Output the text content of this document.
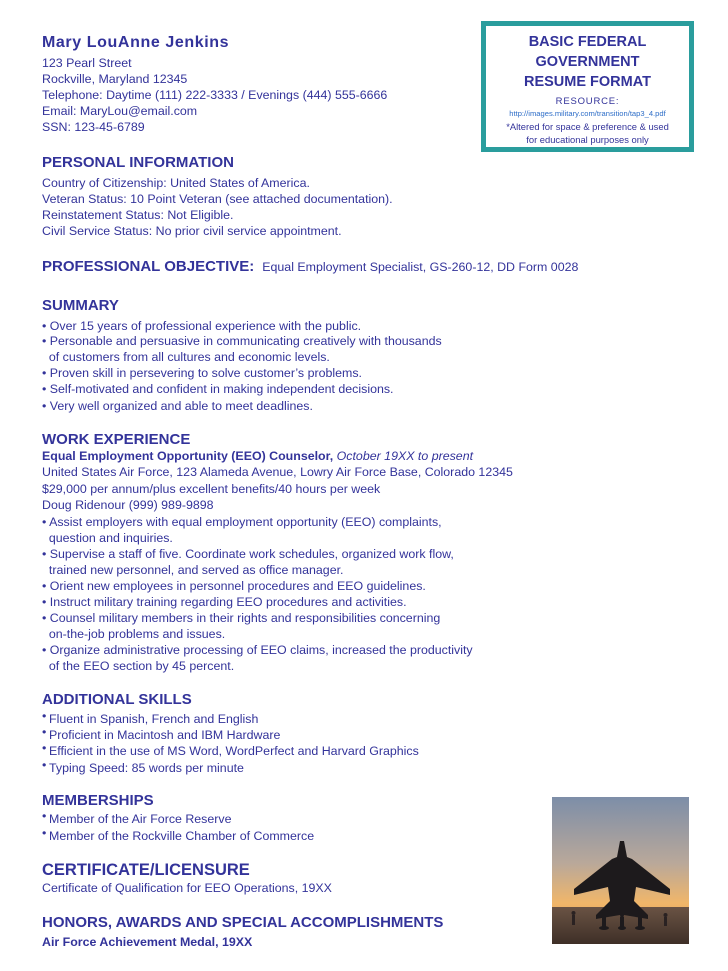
Mary LouAnne Jenkins
123 Pearl Street
Rockville, Maryland 12345
Telephone: Daytime (111) 222-3333 / Evenings (444) 555-6666
Email: MaryLou@email.com
SSN: 123-45-6789
PERSONAL INFORMATION
Country of Citizenship: United States of America.
Veteran Status: 10 Point Veteran (see attached documentation).
Reinstatement Status: Not Eligible.
Civil Service Status: No prior civil service appointment.
PROFESSIONAL OBJECTIVE: Equal Employment Specialist, GS-260-12, DD Form 0028
SUMMARY
• Over 15 years of professional experience with the public.
• Personable and persuasive in communicating creatively with thousands
of customers from all cultures and economic levels.
• Proven skill in persevering to solve customer’s problems.
• Self-motivated and confident in making independent decisions.
• Very well organized and able to meet deadlines.
WORK EXPERIENCE
Equal Employment Opportunity (EEO) Counselor, October 19XX to present
United States Air Force, 123 Alameda Avenue, Lowry Air Force Base, Colorado 12345
$29,000 per annum/plus excellent benefits/40 hours per week
Doug Ridenour (999) 989-9898
• Assist employers with equal employment opportunity (EEO) complaints,
question and inquiries.
• Supervise a staff of five. Coordinate work schedules, organized work flow,
trained new personnel, and served as office manager.
• Orient new employees in personnel procedures and EEO guidelines.
• Instruct military training regarding EEO procedures and activities.
• Counsel military members in their rights and responsibilities concerning
on-the-job problems and issues.
• Organize administrative processing of EEO claims, increased the productivity
of the EEO section by 45 percent.
ADDITIONAL SKILLS
• Fluent in Spanish, French and English
• Proficient in Macintosh and IBM Hardware
• Efficient in the use of MS Word, WordPerfect and Harvard Graphics
• Typing Speed: 85 words per minute
MEMBERSHIPS
• Member of the Air Force Reserve
• Member of the Rockville Chamber of Commerce
CERTIFICATE/LICENSURE
Certificate of Qualification for EEO Operations, 19XX
HONORS, AWARDS AND SPECIAL ACCOMPLISHMENTS
Air Force Achievement Medal, 19XX
BASIC FEDERAL
GOVERNMENT
RESUME FORMAT
RESOURCE:
http://images.military.com/transition/tap3_4.pdf
*Altered for space & preference & used
for educational purposes only
